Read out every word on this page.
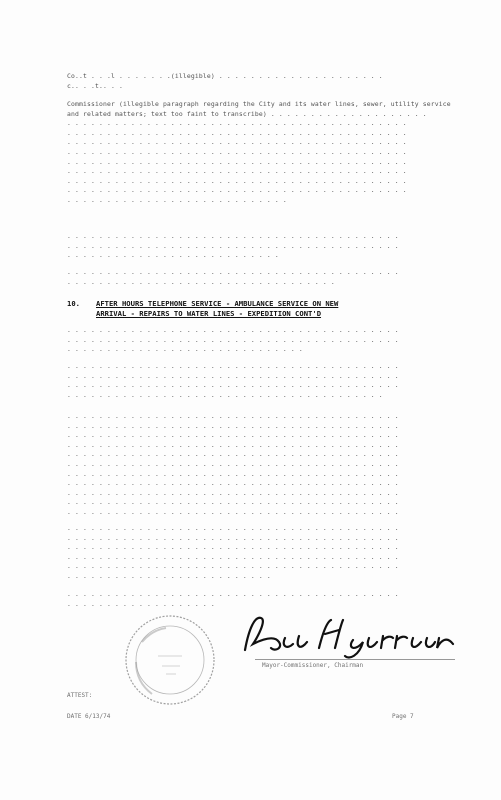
Co..t . . .l . . . . . . .(illegible) . . . . . . . . . . . . . . . . . . . . .
c.. . .t.. . .
Commissioner (illegible paragraph regarding the City and its water lines, sewer, utility service and related matters; text too faint to transcribe) . . . . . . . . . . . . . . . . . . . .
. . . . . . . . . . . . . . . . . . . . . . . . . . . . . . . . . . . . . . . . . . .
. . . . . . . . . . . . . . . . . . . . . . . . . . . . . . . . . . . . . . . . . . .
. . . . . . . . . . . . . . . . . . . . . . . . . . . . . . . . . . . . . . . . . . .
. . . . . . . . . . . . . . . . . . . . . . . . . . . . . . . . . . . . . . . . . . .
. . . . . . . . . . . . . . . . . . . . . . . . . . . . . . . . . . . . . . . . . . .
. . . . . . . . . . . . . . . . . . . . . . . . . . . . . . . . . . . . . . . . . . .
. . . . . . . . . . . . . . . . . . . . . . . . . . . . . . . . . . . . . . . . . . .
. . . . . . . . . . . . . . . . . . . . . . . . . . . . . . . . . . . . . . . . . . .
. . . . . . . . . . . . . . . . . . . . . . . . . . . .
. . . . . . . . . . . . . . . . . . . . . . . . . . . . . . . . . . . . . . . . . .
. . . . . . . . . . . . . . . . . . . . . . . . . . . . . . . . . . . . . . . . . .
. . . . . . . . . . . . . . . . . . . . . . . . . . .
. . . . . . . . . . . . . . . . . . . . . . . . . . . . . . . . . . . . . . . . . .
. . . . . . . . . . . . . . . . . . . . . . . . . . . . . . . . . .
. . . . . . . . . . . . . . . . . . . . . . . . . . . . . . . . . . . . . . . . . .
. . . . . . . . . . . . . . . . . . . . . . . . . . . . . . . . . . . . . . . . . .
. . . . . . . . . . . . . . . . . . . . . . . . . . . . . .
. . . . . . . . . . . . . . . . . . . . . . . . . . . . . . . . . . . . . . . . . .
. . . . . . . . . . . . . . . . . . . . . . . . . . . . . . . . . . . . . . . . . .
. . . . . . . . . . . . . . . . . . . . . . . . . . . . . . . . . . . . . . . . . .
. . . . . . . . . . . . . . . . . . . . . . . . . . . . . . . . . . . . . . . .
. . . . . . . . . . . . . . . . . . . . . . . . . . . . . . . . . . . . . . . . . .
. . . . . . . . . . . . . . . . . . . . . . . . . . . . . . . . . . . . . . . . . .
. . . . . . . . . . . . . . . . . . . . . . . . . . . . . . . . . . . . . . . . . .
. . . . . . . . . . . . . . . . . . . . . . . . . . . . . . . . . . . . . . . . . .
. . . . . . . . . . . . . . . . . . . . . . . . . . . . . . . . . . . . . . . . . .
. . . . . . . . . . . . . . . . . . . . . . . . . . . . . . . . . . . . . . . . . .
. . . . . . . . . . . . . . . . . . . . . . . . . . . . . . . . . . . . . . . . . .
. . . . . . . . . . . . . . . . . . . . . . . . . . . . . . . . . . . . . . . . . .
. . . . . . . . . . . . . . . . . . . . . . . . . . . . . . . . . . . . . . . . . .
. . . . . . . . . . . . . . . . . . . . . . . . . . . . . . . . . . . . . . . . . .
. . . . . . . . . . . . . . . . . . . . . . . . . . . . . . . . . . . . . . . . . .
. . . . . . . . . . . . . . . . . . . . . . . . . . . . . . . . . . . . . . . . . .
. . . . . . . . . . . . . . . . . . . . . . . . . . . . . . . . . . . . . . . . . .
. . . . . . . . . . . . . . . . . . . . . . . . . . . . . . . . . . . . . . . . . .
. . . . . . . . . . . . . . . . . . . . . . . . . . . . . . . . . . . . . . . . . .
. . . . . . . . . . . . . . . . . . . . . . . . . . . . . . . . . . . . . . . . . .
. . . . . . . . . . . . . . . . . . . . . . . . . .
. . . . . . . . . . . . . . . . . . . . . . . . . . . . . . . . . . . . . . . . . .
. . . . . . . . . . . . . . . . . . .
10. AFTER HOURS TELEPHONE SERVICE - AMBULANCE SERVICE ON NEW
ARRIVAL - REPAIRS TO WATER LINES - EXPEDITION CONT'D
Mayor-Commissioner, Chairman
ATTEST:
DATE 6/13/74	Page 7
